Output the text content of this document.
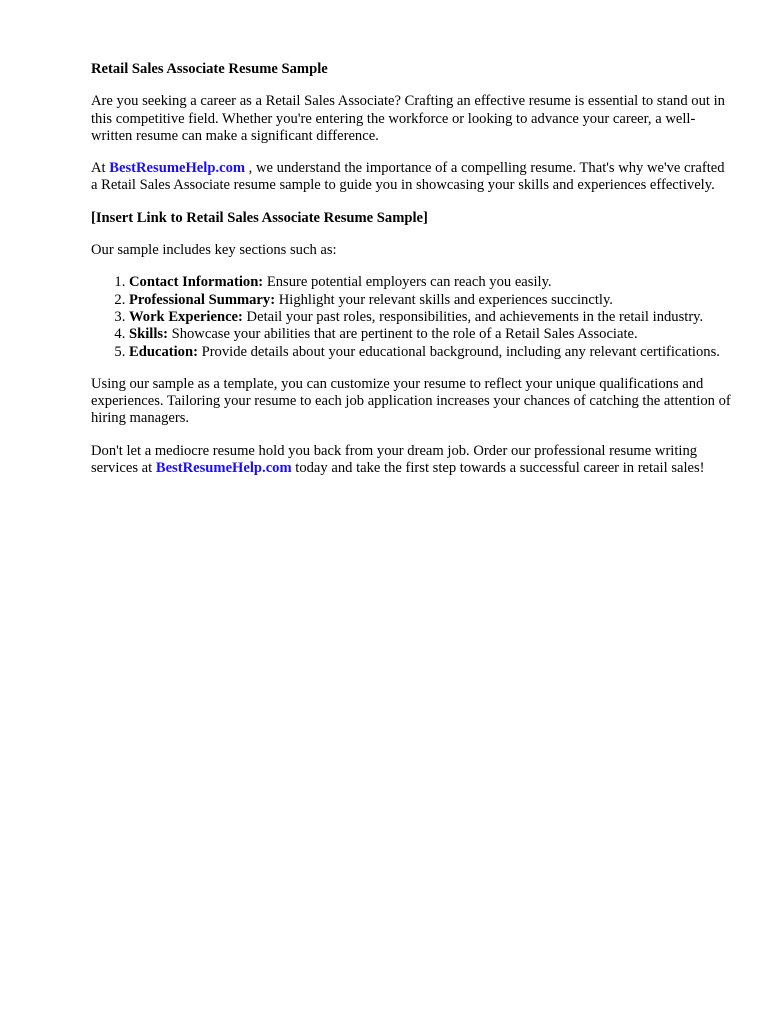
Retail Sales Associate Resume Sample

Are you seeking a career as a Retail Sales Associate? Crafting an effective resume is essential to stand out in this competitive field. Whether you're entering the workforce or looking to advance your career, a well-written resume can make a significant difference.

At BestResumeHelp.com , we understand the importance of a compelling resume. That's why we've crafted a Retail Sales Associate resume sample to guide you in showcasing your skills and experiences effectively.

[Insert Link to Retail Sales Associate Resume Sample]

Our sample includes key sections such as:

1. Contact Information: Ensure potential employers can reach you easily.
2. Professional Summary: Highlight your relevant skills and experiences succinctly.
3. Work Experience: Detail your past roles, responsibilities, and achievements in the retail industry.
4. Skills: Showcase your abilities that are pertinent to the role of a Retail Sales Associate.
5. Education: Provide details about your educational background, including any relevant certifications.

Using our sample as a template, you can customize your resume to reflect your unique qualifications and experiences. Tailoring your resume to each job application increases your chances of catching the attention of hiring managers.

Don't let a mediocre resume hold you back from your dream job. Order our professional resume writing services at BestResumeHelp.com today and take the first step towards a successful career in retail sales!
